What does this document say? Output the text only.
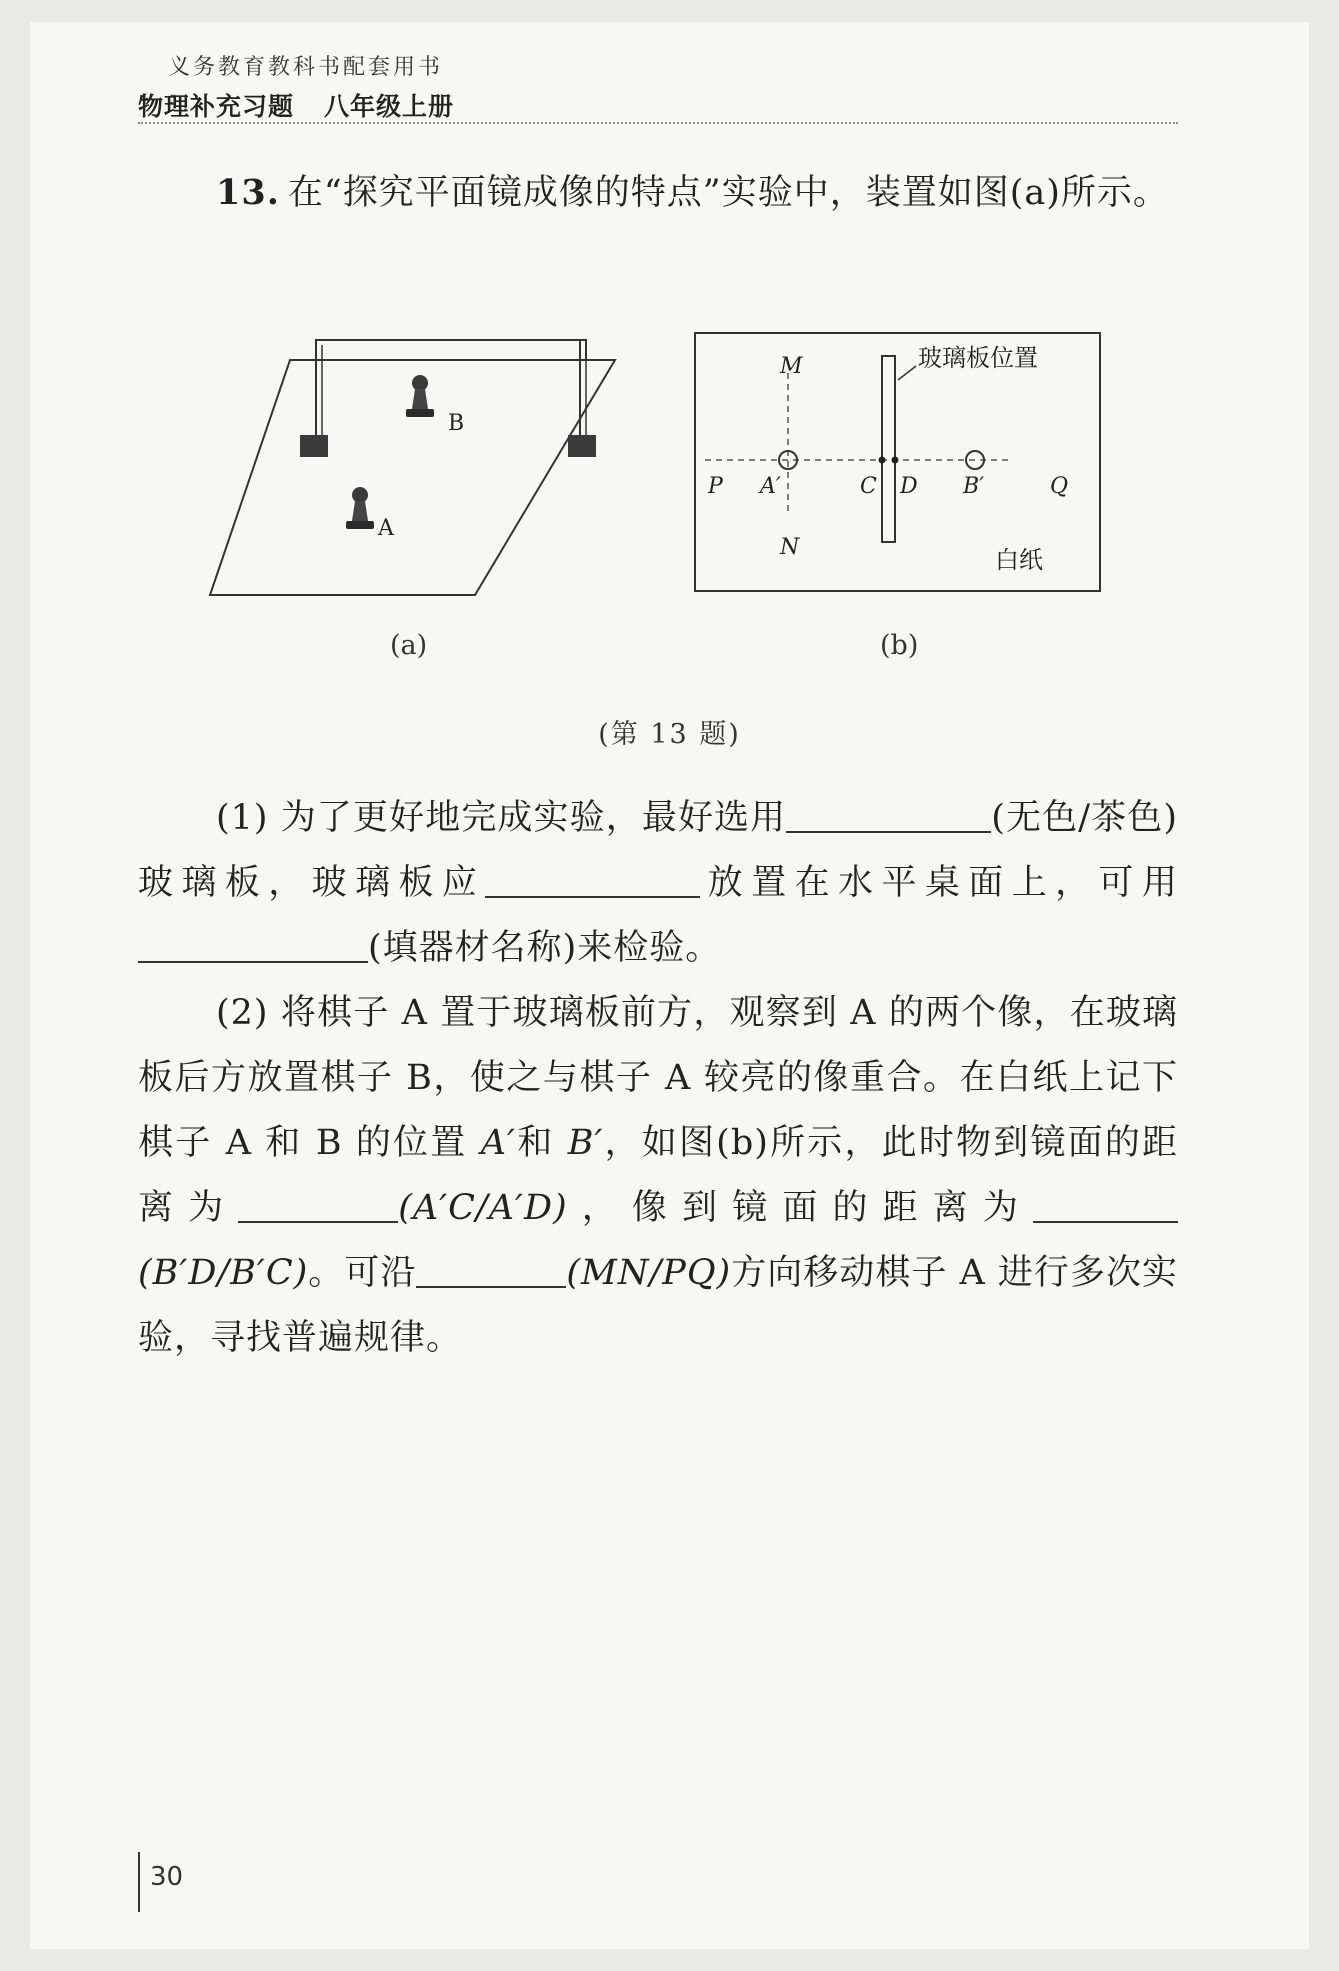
义务教育教科书配套用书
物理补充习题 八年级上册
13. 在“探究平面镜成像的特点”实验中，装置如图(a)所示。
B
A
玻璃板位置
M
N
P	Q
A′	C D B′
白纸
(a)	(b)
(第 13 题)

(1) 为了更好地完成实验，最好选用	(无色/茶色)玻璃板，玻璃板应	放置在水平桌面上，可用(填器材名称)来检验。

(2) 将棋子 A 置于玻璃板前方，观察到 A 的两个像，在玻璃板后方放置棋子 B，使之与棋子 A 较亮的像重合。在白纸上记下棋子 A 和 B 的位置 A′和 B′，如图(b)所示，此时物到镜面的距离为	(A′C/A′D)，像到镜面的距离为(B′D/B′C)。可沿	(MN/PQ)方向移动棋子 A 进行多次实验，寻找普遍规律。

30
